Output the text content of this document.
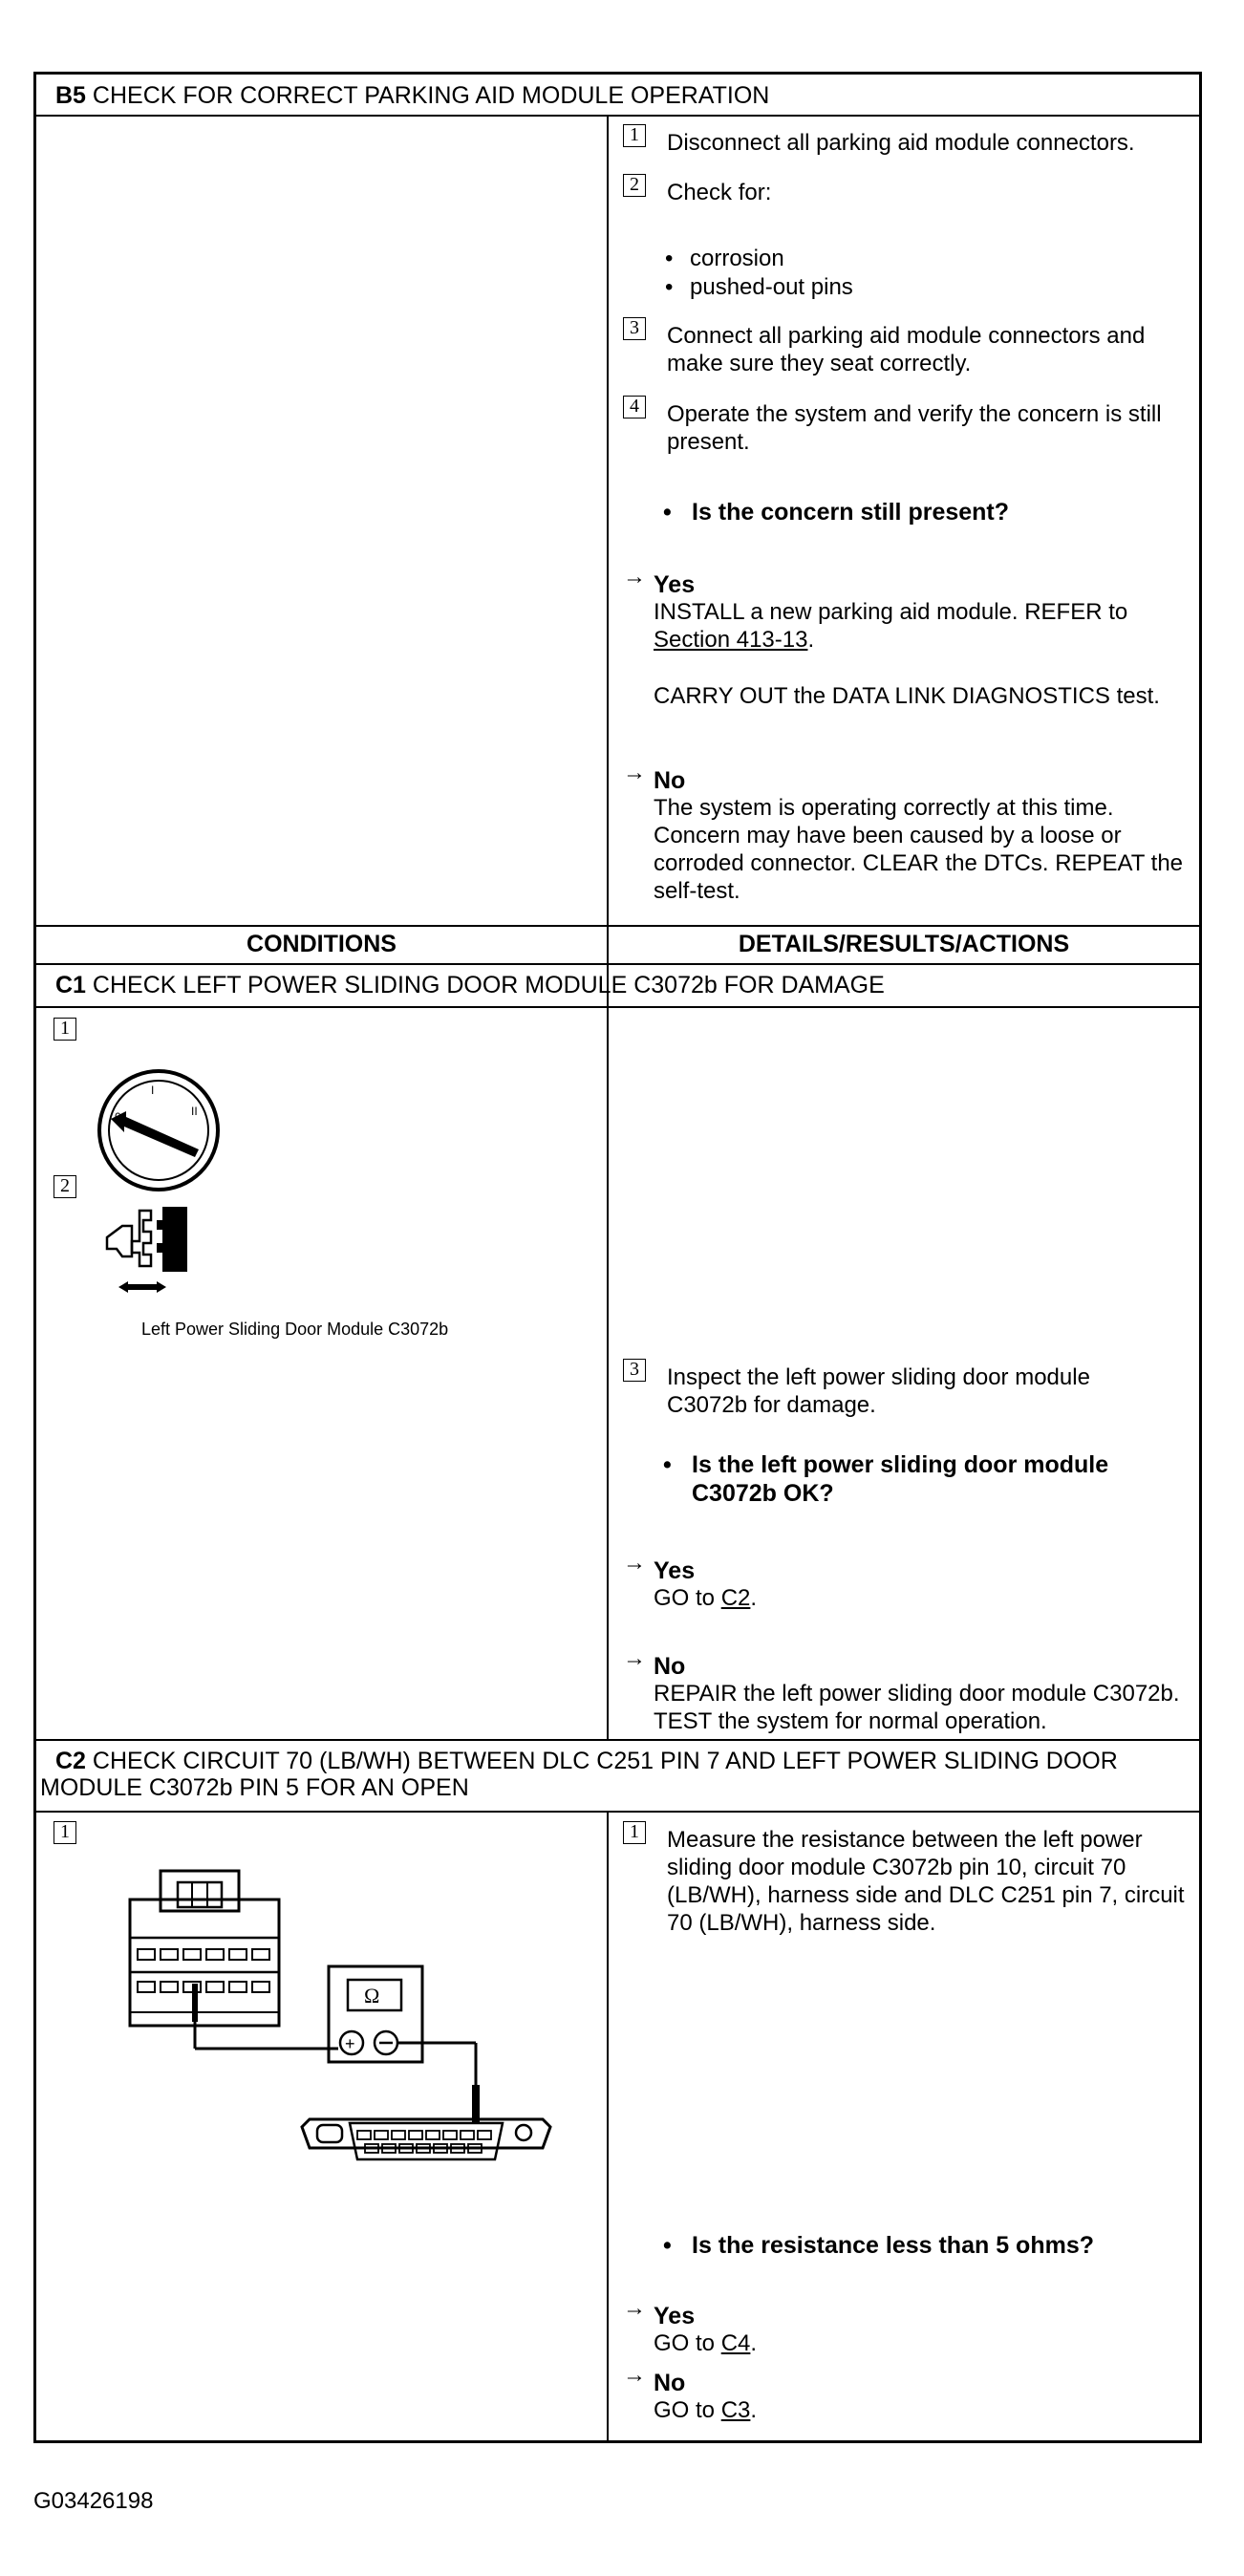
B5 CHECK FOR CORRECT PARKING AID MODULE OPERATION
1 Disconnect all parking aid module connectors.
2 Check for:
• corrosion
• pushed-out pins
3 Connect all parking aid module connectors and make sure they seat correctly.
4 Operate the system and verify the concern is still present.
• Is the concern still present?
→ Yes
INSTALL a new parking aid module. REFER to Section 413-13.
CARRY OUT the DATA LINK DIAGNOSTICS test.
→ No
The system is operating correctly at this time. Concern may have been caused by a loose or corroded connector. CLEAR the DTCs. REPEAT the self-test.
CONDITIONS	DETAILS/RESULTS/ACTIONS
C1 CHECK LEFT POWER SLIDING DOOR MODULE C3072b FOR DAMAGE
1
I
II
2
Left Power Sliding Door Module C3072b
3 Inspect the left power sliding door module C3072b for damage.
• Is the left power sliding door module C3072b OK?
→ Yes
GO to C2.
→ No
REPAIR the left power sliding door module C3072b. TEST the system for normal operation.
C2 CHECK CIRCUIT 70 (LB/WH) BETWEEN DLC C251 PIN 7 AND LEFT POWER SLIDING DOOR MODULE C3072b PIN 5 FOR AN OPEN
1
Ω
+
1 Measure the resistance between the left power sliding door module C3072b pin 10, circuit 70 (LB/WH), harness side and DLC C251 pin 7, circuit 70 (LB/WH), harness side.
• Is the resistance less than 5 ohms?
→ Yes
GO to C4.
→ No
GO to C3.
G03426198
